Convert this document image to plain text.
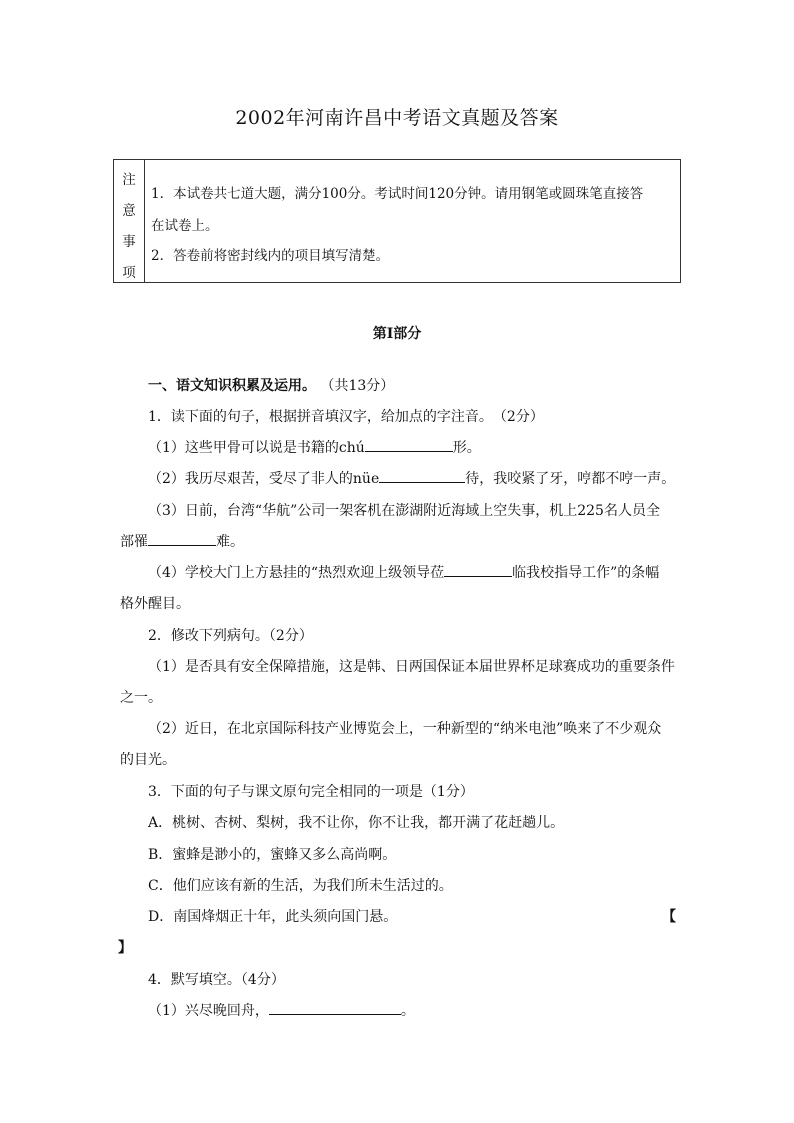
2002年河南许昌中考语文真题及答案
注
意
事
项
1．本试卷共七道大题，满分100分。考试时间120分钟。请用钢笔或圆珠笔直接答
在试卷上。
2．答卷前将密封线内的项目填写清楚。
第Ⅰ部分
一、语文知识积累及运用。 （共13分）
1．读下面的句子，根据拼音填汉字，给加点的字注音。　（2分）
（1）这些甲骨可以说是书籍的chú	形。
（2）我历尽艰苦，受尽了非人的nüe	待，我咬紧了牙，哼都不哼一声。
（3）日前，台湾“华航”公司一架客机在澎湖附近海域上空失事，机上225名人员全
部罹	难。
（4）学校大门上方悬挂的“热烈欢迎上级领导莅	临我校指导工作”的条幅
格外醒目。
2．修改下列病句。（2分）
（1）是否具有安全保障措施，这是韩、日两国保证本届世界杯足球赛成功的重要条件
之一。
（2）近日，在北京国际科技产业博览会上，一种新型的“纳米电池”唤来了不少观众
的目光。
3．下面的句子与课文原句完全相同的一项是（1分）
A．桃树、杏树、梨树，我不让你，你不让我，都开满了花赶趟儿。
B．蜜蜂是渺小的，蜜蜂又多么高尚啊。
C．他们应该有新的生活，为我们所未生活过的。
D．南国烽烟正十年，此头须向国门悬。	【
】
4．默写填空。（4分）
（1）兴尽晚回舟，	。
